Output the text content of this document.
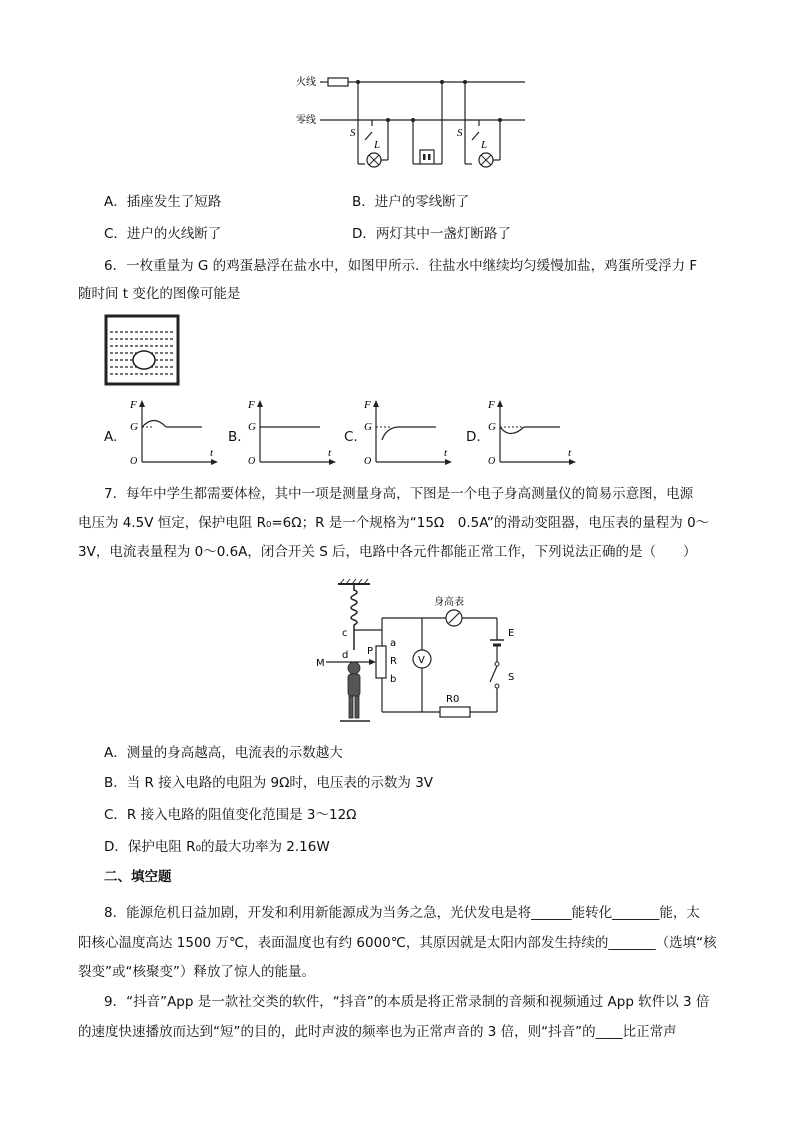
火线
零线
S
L
S
L
A．插座发生了短路	B．进户的零线断了
C．进户的火线断了	D．两灯其中一盏灯断路了
6．一枚重量为 G 的鸡蛋悬浮在盐水中，如图甲所示．往盐水中继续均匀缓慢加盐，鸡蛋所受浮力 F
随时间 t 变化的图像可能是
A.
F
G
O
t
B.
F
G
O
t
C.
F
G
O
t
D.
F
G
O
t
7．每年中学生都需要体检，其中一项是测量身高，下图是一个电子身高测量仪的简易示意图，电源
电压为 4.5V 恒定，保护电阻 R₀=6Ω；R 是一个规格为“15Ω　0.5A”的滑动变阻器，电压表的量程为 0～
3V，电流表量程为 0～0.6A，闭合开关 S 后，电路中各元件都能正常工作，下列说法正确的是（　　）
c
d
R
a
b
M
P
V
R0
身高表
E
S
A．测量的身高越高，电流表的示数越大
B．当 R 接入电路的电阻为 9Ω时，电压表的示数为 3V
C．R 接入电路的阻值变化范围是 3～12Ω
D．保护电阻 R₀的最大功率为 2.16W
二、填空题
8．能源危机日益加剧，开发和利用新能源成为当务之急，光伏发电是将______能转化_______能，太
阳核心温度高达 1500 万℃，表面温度也有约 6000℃，其原因就是太阳内部发生持续的_______（选填“核
裂变”或“核聚变”）释放了惊人的能量。
9．“抖音”App 是一款社交类的软件，“抖音”的本质是将正常录制的音频和视频通过 App 软件以 3 倍
的速度快速播放而达到“短”的目的，此时声波的频率也为正常声音的 3 倍，则“抖音”的____比正常声
